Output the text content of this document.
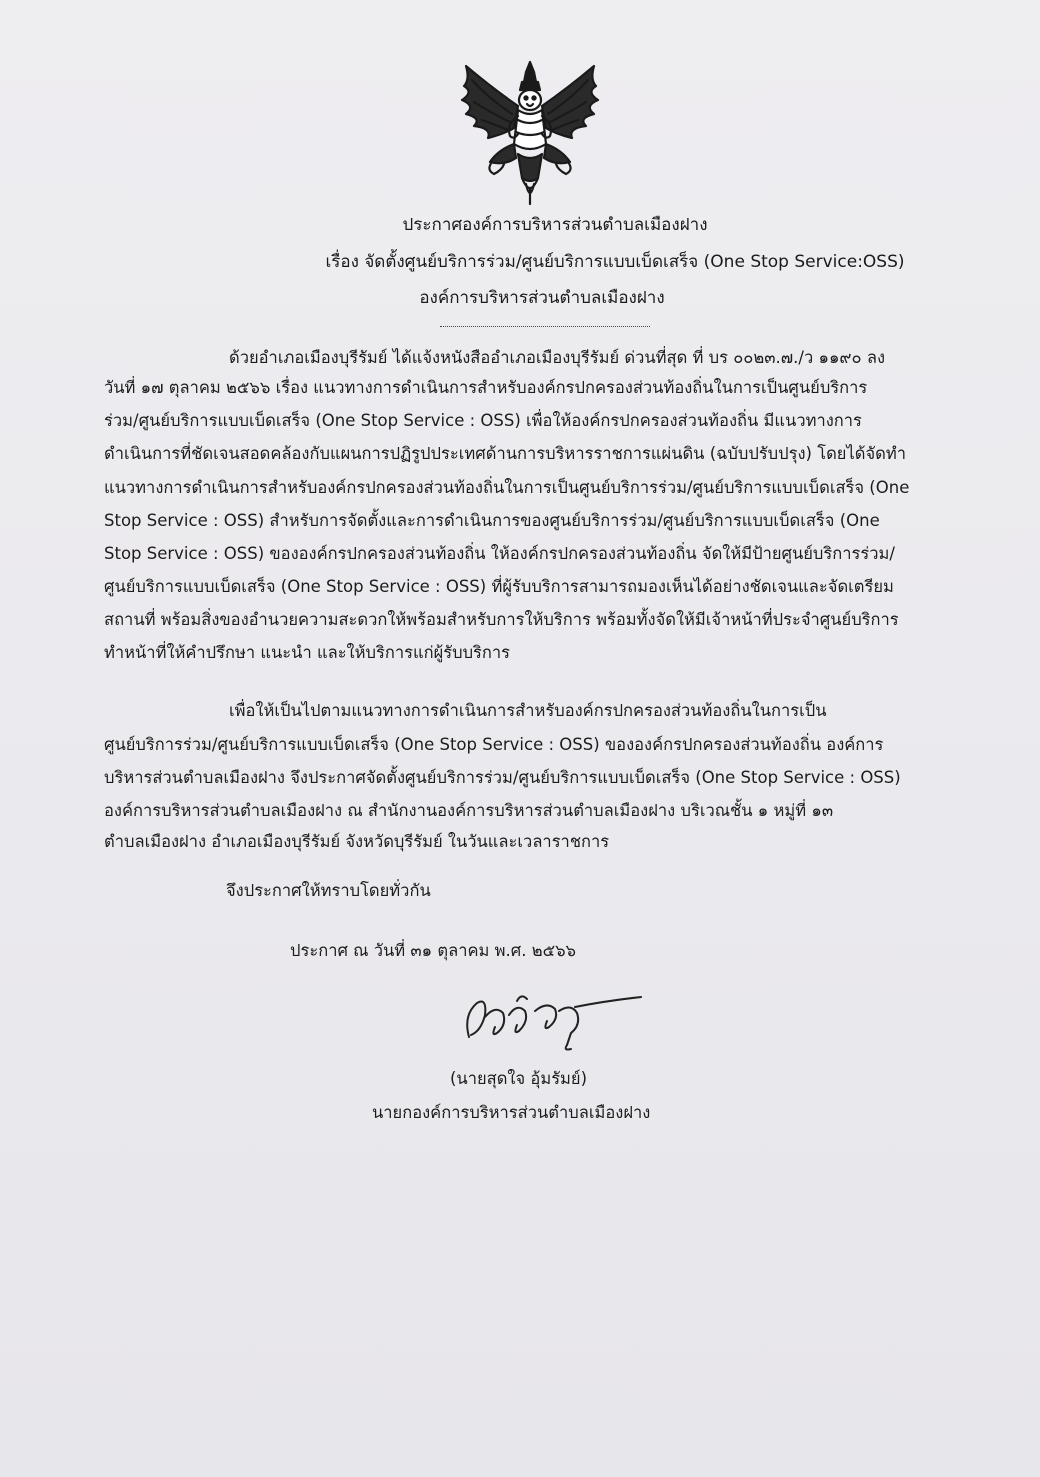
ประกาศองค์การบริหารส่วนตำบลเมืองฝาง
เรื่อง จัดตั้งศูนย์บริการร่วม/ศูนย์บริการแบบเบ็ดเสร็จ (One Stop Service:OSS)
องค์การบริหารส่วนตำบลเมืองฝาง
ด้วยอำเภอเมืองบุรีรัมย์ ได้แจ้งหนังสืออำเภอเมืองบุรีรัมย์ ด่วนที่สุด ที่ บร ๐๐๒๓.๗./ว ๑๑๙๐ ลง
วันที่ ๑๗ ตุลาคม ๒๕๖๖ เรื่อง แนวทางการดำเนินการสำหรับองค์กรปกครองส่วนท้องถิ่นในการเป็นศูนย์บริการ
ร่วม/ศูนย์บริการแบบเบ็ดเสร็จ (One Stop Service : OSS) เพื่อให้องค์กรปกครองส่วนท้องถิ่น มีแนวทางการ
ดำเนินการที่ชัดเจนสอดคล้องกับแผนการปฏิรูปประเทศด้านการบริหารราชการแผ่นดิน (ฉบับปรับปรุง) โดยได้จัดทำ
แนวทางการดำเนินการสำหรับองค์กรปกครองส่วนท้องถิ่นในการเป็นศูนย์บริการร่วม/ศูนย์บริการแบบเบ็ดเสร็จ (One
Stop Service : OSS) สำหรับการจัดตั้งและการดำเนินการของศูนย์บริการร่วม/ศูนย์บริการแบบเบ็ดเสร็จ (One
Stop Service : OSS) ขององค์กรปกครองส่วนท้องถิ่น ให้องค์กรปกครองส่วนท้องถิ่น จัดให้มีป้ายศูนย์บริการร่วม/
ศูนย์บริการแบบเบ็ดเสร็จ (One Stop Service : OSS) ที่ผู้รับบริการสามารถมองเห็นได้อย่างชัดเจนและจัดเตรียม
สถานที่ พร้อมสิ่งของอำนวยความสะดวกให้พร้อมสำหรับการให้บริการ พร้อมทั้งจัดให้มีเจ้าหน้าที่ประจำศูนย์บริการ
ทำหน้าที่ให้คำปรึกษา แนะนำ และให้บริการแก่ผู้รับบริการ
เพื่อให้เป็นไปตามแนวทางการดำเนินการสำหรับองค์กรปกครองส่วนท้องถิ่นในการเป็น
ศูนย์บริการร่วม/ศูนย์บริการแบบเบ็ดเสร็จ (One Stop Service : OSS) ขององค์กรปกครองส่วนท้องถิ่น องค์การ
บริหารส่วนตำบลเมืองฝาง จึงประกาศจัดตั้งศูนย์บริการร่วม/ศูนย์บริการแบบเบ็ดเสร็จ (One Stop Service : OSS)
องค์การบริหารส่วนตำบลเมืองฝาง ณ สำนักงานองค์การบริหารส่วนตำบลเมืองฝาง บริเวณชั้น ๑ หมู่ที่ ๑๓
ตำบลเมืองฝาง อำเภอเมืองบุรีรัมย์ จังหวัดบุรีรัมย์ ในวันและเวลาราชการ
จึงประกาศให้ทราบโดยทั่วกัน
ประกาศ ณ วันที่ ๓๑ ตุลาคม พ.ศ. ๒๕๖๖
(นายสุดใจ อุ้มรัมย์)
นายกองค์การบริหารส่วนตำบลเมืองฝาง
